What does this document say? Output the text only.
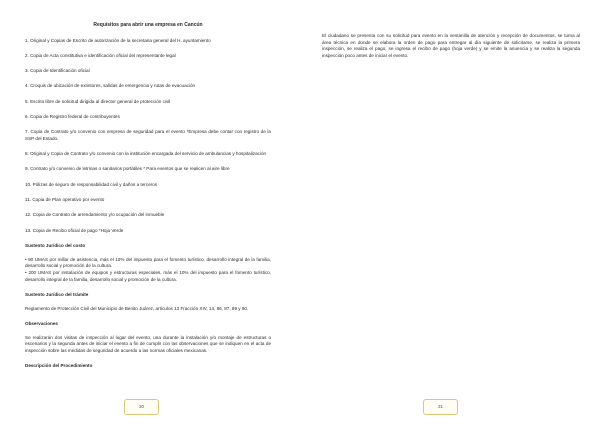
Requisitos para abrir una empresa en Cancún

1. Original y Copias de Escrito de autorización de la secretaria general del H. ayuntamiento

2. Copia de Acta constitutiva e identificación oficial del representante legal

3. Copia de Identificación oficial

4. Croquis de ubicación de extintores, salidas de emergencia y rutas de evacuación

5. Escrito libre de solicitud dirigida al director general de protección civil

6. Copia de Registro federal de contribuyentes

7. Copia de Contrato y/o convenio con empresa de seguridad para el evento *Empresa debe contar con registro de la SSP del Estado.

8. Original y Copia de Contrato y/o convenio con la institución encargada del servicio de ambulancias y hospitalización

9. Contrato y/o convenio de letrinas o sanitarios portátiles * Para eventos que se realicen al aire libre

10. Pólizas de seguro de responsabilidad civil y daños a terceros

11. Copia de Plan operativo por evento

12. Copia de Contrato de arrendamiento y/o ocupación del inmueble

13. Copia de Recibo oficial de pago *Hoja Verde

Sustento Jurídico del costo

• 90 UMAS por millar de asistencia, más el 10% del impuesto para el fomento turístico, desarrollo integral de la familia, desarrollo social y promoción de la cultura.

• 200 UMAS por instalación de equipos y estructuras especiales, más el 10% del impuesto para el fomento turístico, desarrollo integral de la familia, desarrollo social y promoción de la cultura.

Sustento Jurídico del trámite

Reglamento de Protección Civil del Municipio de Benito Juárez, artículos 13 Fracción XIV, 14, 86, 87, 89 y 90.

Observaciones

Se realizarán dos visitas de inspección al lugar del evento, una durante la instalación y/o montaje de estructuras o escenarios y la segunda antes de iniciar el evento a fin de cumplir con las observaciones que se indiquen en el acta de inspección sobre las medidas de seguridad de acuerdo a las normas oficiales mexicanas.

Descripción del Procedimiento

30

El ciudadano se presenta con su solicitud para evento en la ventanilla de atención y recepción de documentos, se turna al área técnica en donde se elabora la orden de pago para entregar al día siguiente de solicitarse, se realiza la primera inspección, se realiza el pago, se ingresa el recibo de pago (hoja verde) y se emite la anuencia y se realiza la segunda inspección poco antes de iniciar el evento.

31
